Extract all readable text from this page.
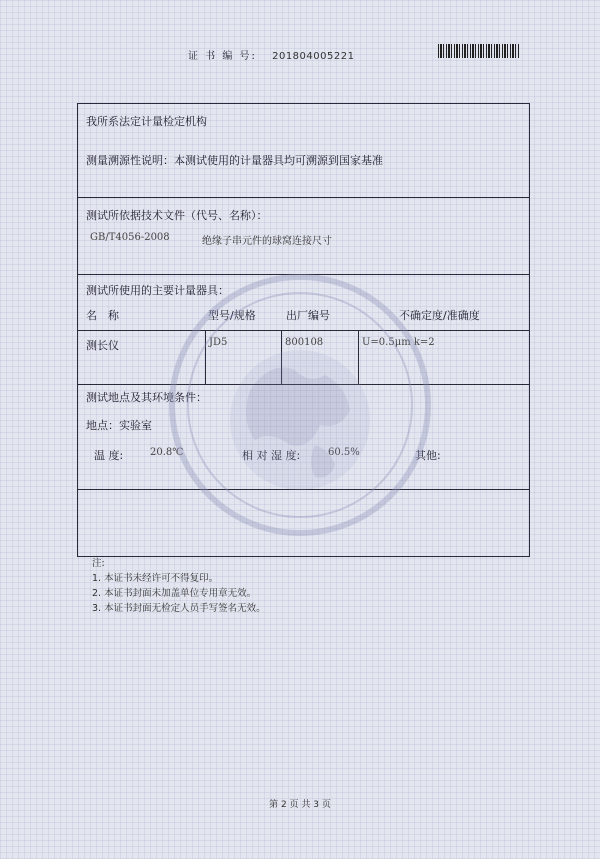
证 书 编 号: 201804005221
我所系法定计量检定机构
测量溯源性说明：本测试使用的计量器具均可溯源到国家基准
测试所依据技术文件（代号、名称）：
GB/T4056-2008	绝缘子串元件的球窝连接尺寸
测试所使用的主要计量器具：
名　称	型号/规格	出厂编号	不确定度/准确度
测长仪	JD5	800108	U=0.5μm k=2
测试地点及其环境条件：
地点：实验室
温 度:	20.8℃	相 对 湿 度:	60.5%	其他:
注:
1. 本证书未经许可不得复印。
2. 本证书封面未加盖单位专用章无效。
3. 本证书封面无检定人员手写签名无效。
第 2 页 共 3 页
